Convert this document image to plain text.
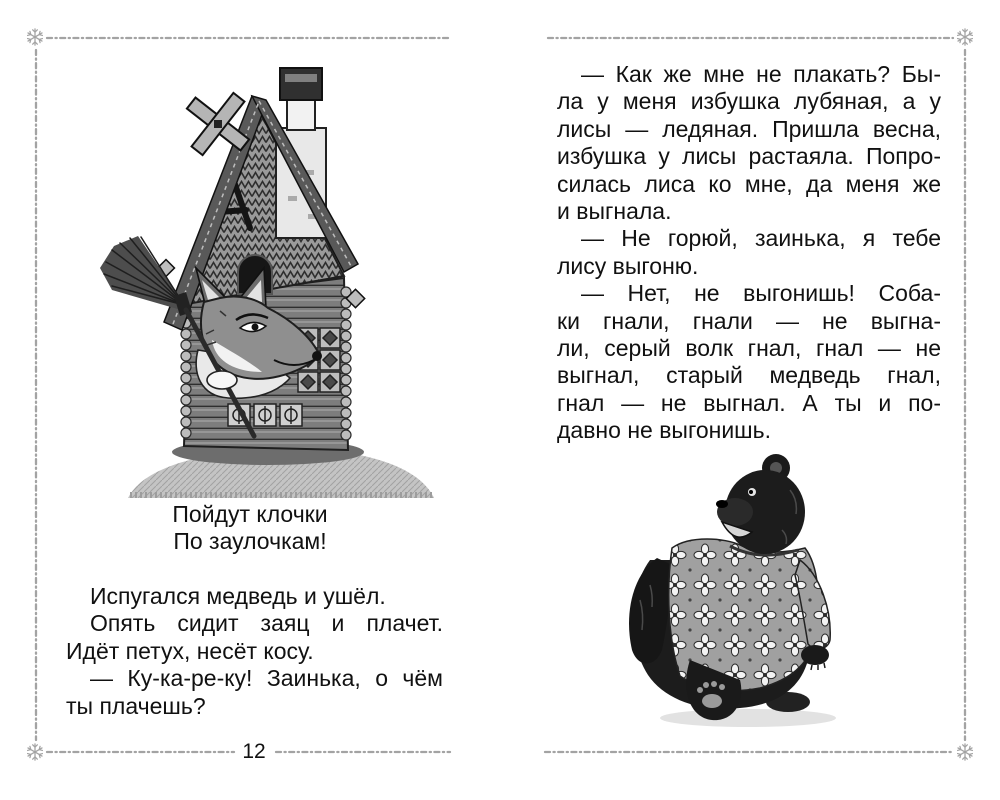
Пойдут клочки
По заулочкам!
Испугался медведь и ушёл.
Опять сидит заяц и плачет.
Идёт петух, несёт косу.
— Ку-ка-ре-ку! Заинька, о чём
ты плачешь?
12
— Как же мне не плакать? Бы-
ла у меня избушка лубяная, а у
лисы — ледяная. Пришла весна,
избушка у лисы растаяла. Попро-
силась лиса ко мне, да меня же
и выгнала.
— Не горюй, заинька, я тебе
лису выгоню.
— Нет, не выгонишь! Соба-
ки гнали, гнали — не выгна-
ли, серый волк гнал, гнал — не
выгнал, старый медведь гнал,
гнал — не выгнал. А ты и по-
давно не выгонишь.
